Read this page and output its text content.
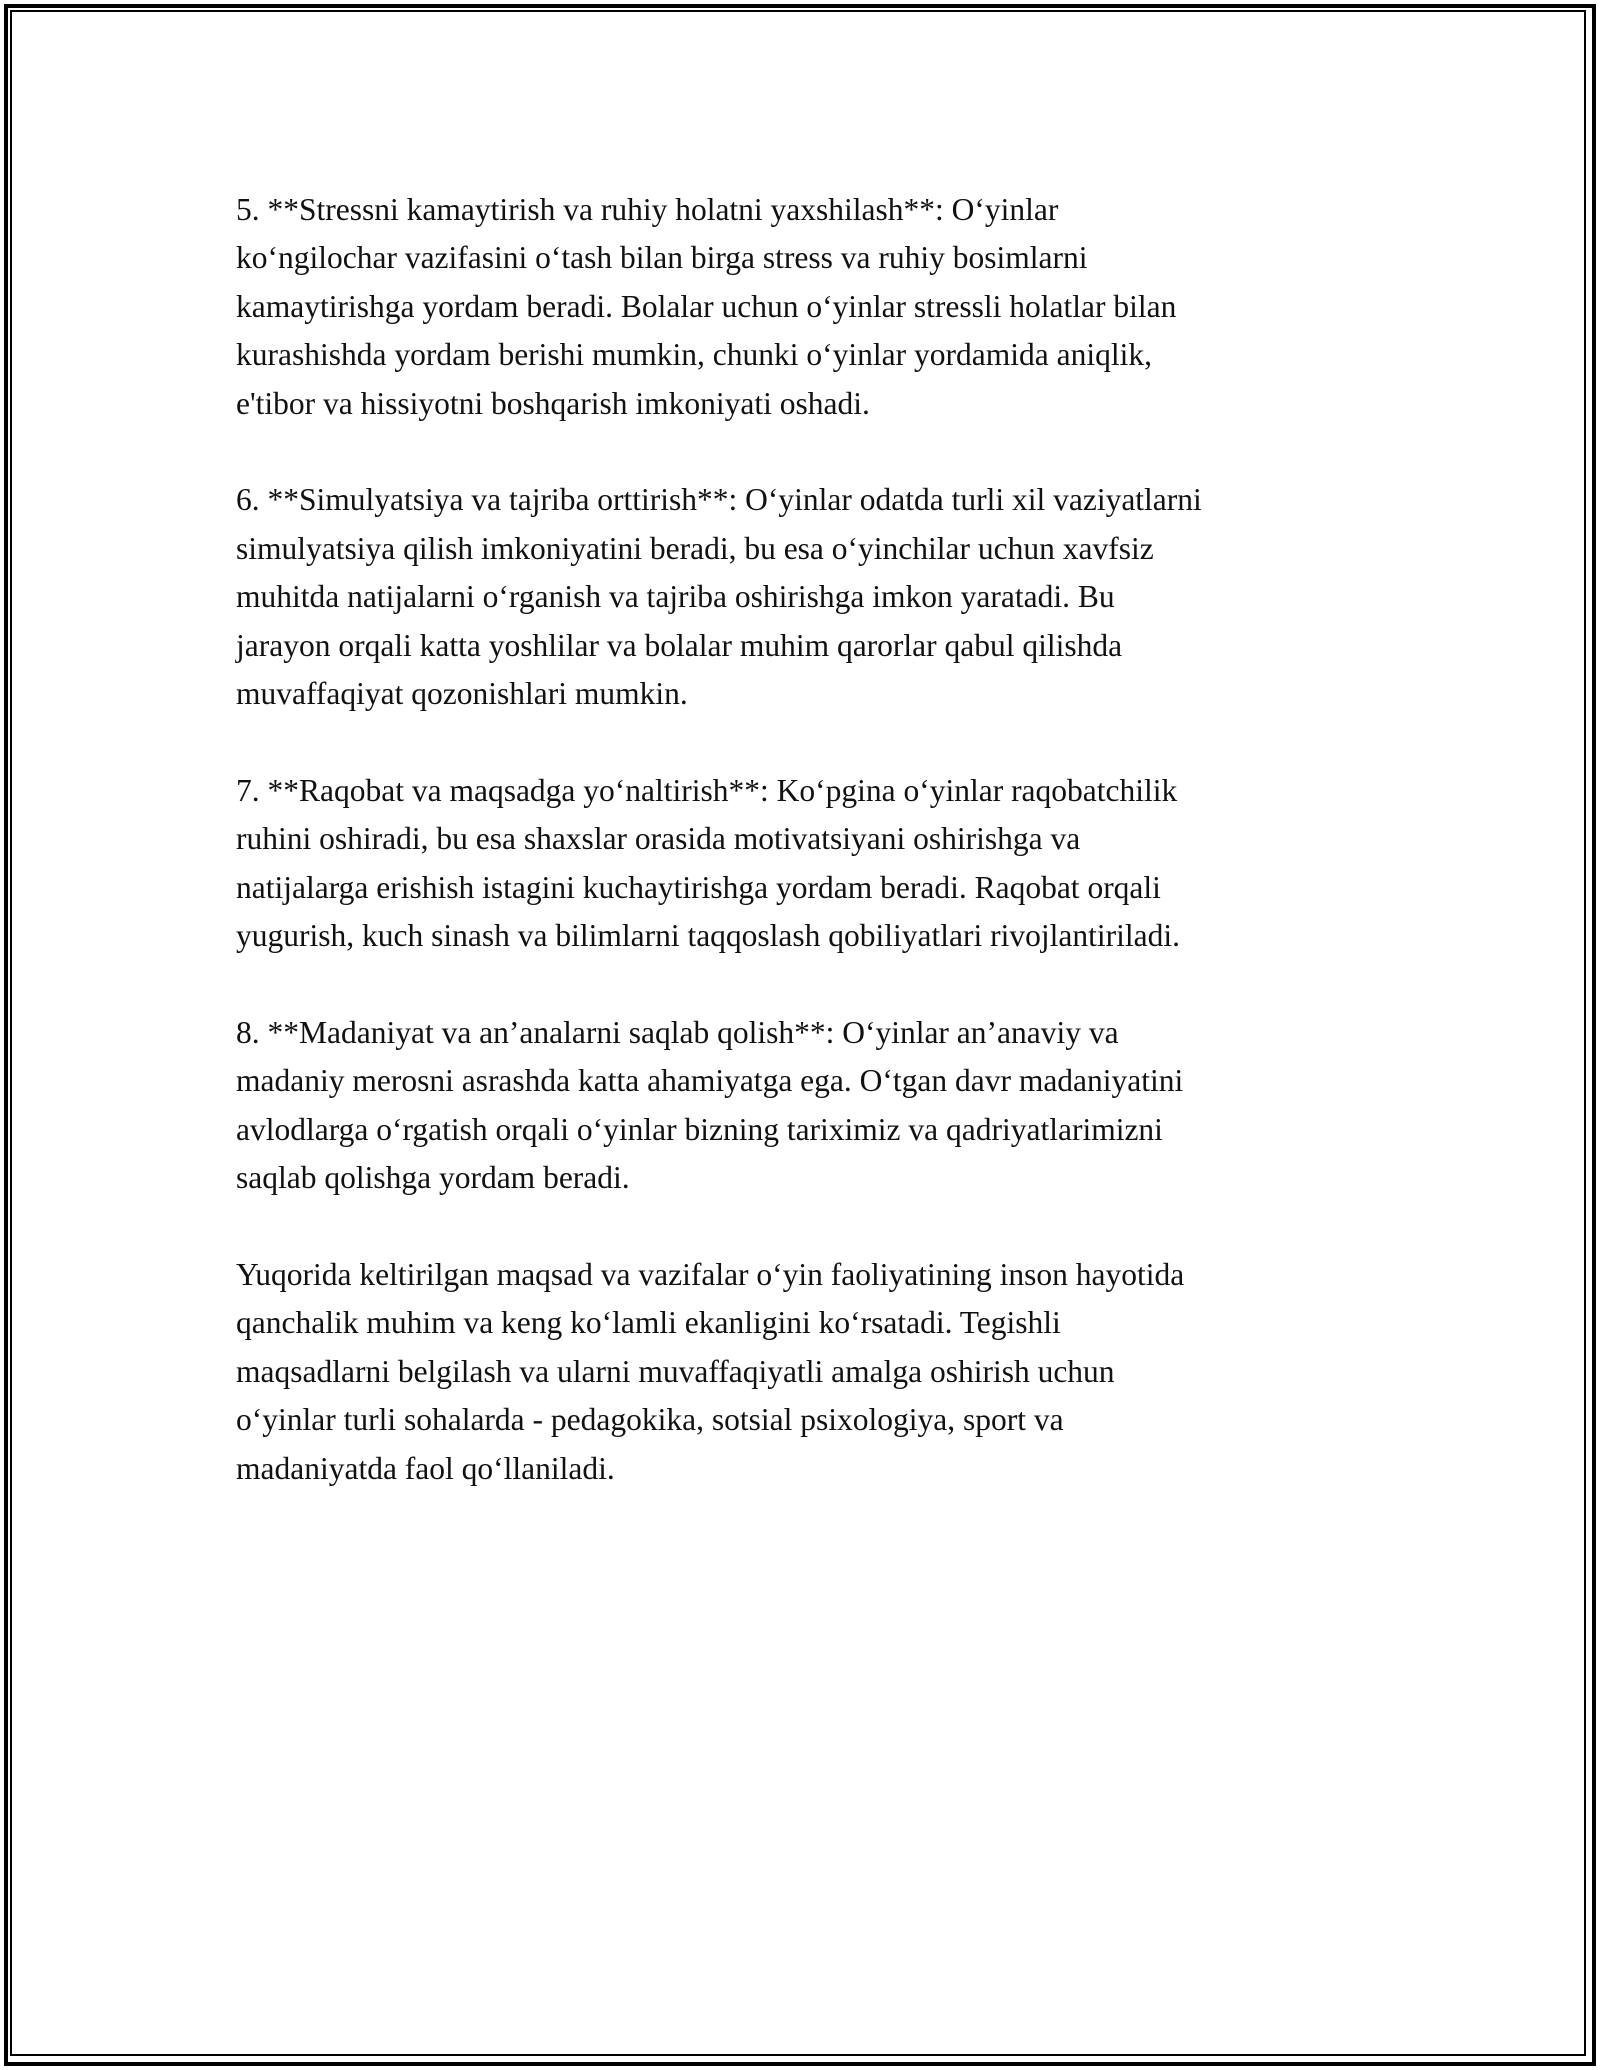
5. **Stressni kamaytirish va ruhiy holatni yaxshilash**: O‘yinlar
ko‘ngilochar vazifasini o‘tash bilan birga stress va ruhiy bosimlarni
kamaytirishga yordam beradi. Bolalar uchun o‘yinlar stressli holatlar bilan
kurashishda yordam berishi mumkin, chunki o‘yinlar yordamida aniqlik,
e'tibor va hissiyotni boshqarish imkoniyati oshadi.

6. **Simulyatsiya va tajriba orttirish**: O‘yinlar odatda turli xil vaziyatlarni
simulyatsiya qilish imkoniyatini beradi, bu esa o‘yinchilar uchun xavfsiz
muhitda natijalarni o‘rganish va tajriba oshirishga imkon yaratadi. Bu
jarayon orqali katta yoshlilar va bolalar muhim qarorlar qabul qilishda
muvaffaqiyat qozonishlari mumkin.

7. **Raqobat va maqsadga yo‘naltirish**: Ko‘pgina o‘yinlar raqobatchilik
ruhini oshiradi, bu esa shaxslar orasida motivatsiyani oshirishga va
natijalarga erishish istagini kuchaytirishga yordam beradi. Raqobat orqali
yugurish, kuch sinash va bilimlarni taqqoslash qobiliyatlari rivojlantiriladi.

8. **Madaniyat va an’analarni saqlab qolish**: O‘yinlar an’anaviy va
madaniy merosni asrashda katta ahamiyatga ega. O‘tgan davr madaniyatini
avlodlarga o‘rgatish orqali o‘yinlar bizning tariximiz va qadriyatlarimizni
saqlab qolishga yordam beradi.

Yuqorida keltirilgan maqsad va vazifalar o‘yin faoliyatining inson hayotida
qanchalik muhim va keng ko‘lamli ekanligini ko‘rsatadi. Tegishli
maqsadlarni belgilash va ularni muvaffaqiyatli amalga oshirish uchun
o‘yinlar turli sohalarda - pedagokika, sotsial psixologiya, sport va
madaniyatda faol qo‘llaniladi.
